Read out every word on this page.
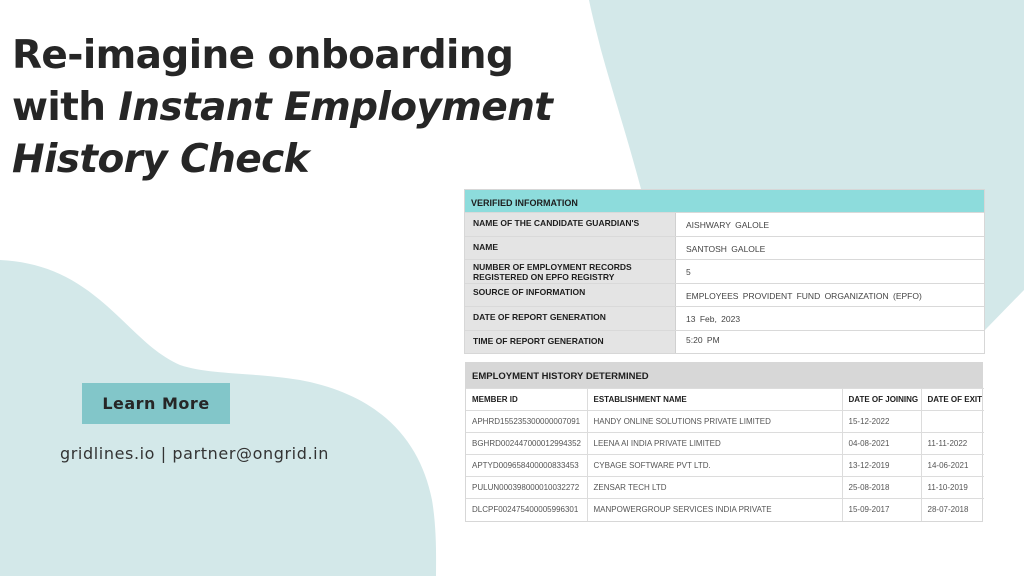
Re-imagine onboarding
with Instant Employment
History Check
Learn More
gridlines.io | partner@ongrid.in
VERIFIED INFORMATION
NAME OF THE CANDIDATE GUARDIAN'S	AISHWARY GALOLE
NAME	SANTOSH GALOLE
NUMBER OF EMPLOYMENT RECORDS REGISTERED ON EPFO REGISTRY	5
SOURCE OF INFORMATION	EMPLOYEES PROVIDENT FUND ORGANIZATION (EPFO)
DATE OF REPORT GENERATION	13 Feb, 2023
TIME OF REPORT GENERATION	5:20 PM
EMPLOYMENT HISTORY DETERMINED
MEMBER ID	ESTABLISHMENT NAME	DATE OF JOINING	DATE OF EXIT
APHRD155235300000007091	HANDY ONLINE SOLUTIONS PRIVATE LIMITED	15-12-2022	
BGHRD002447000012994352	LEENA AI INDIA PRIVATE LIMITED	04-08-2021	11-11-2022
APTYD009658400000833453	CYBAGE SOFTWARE PVT LTD.	13-12-2019	14-06-2021
PULUN000398000010032272	ZENSAR TECH LTD	25-08-2018	11-10-2019
DLCPF002475400005996301	MANPOWERGROUP SERVICES INDIA PRIVATE	15-09-2017	28-07-2018
